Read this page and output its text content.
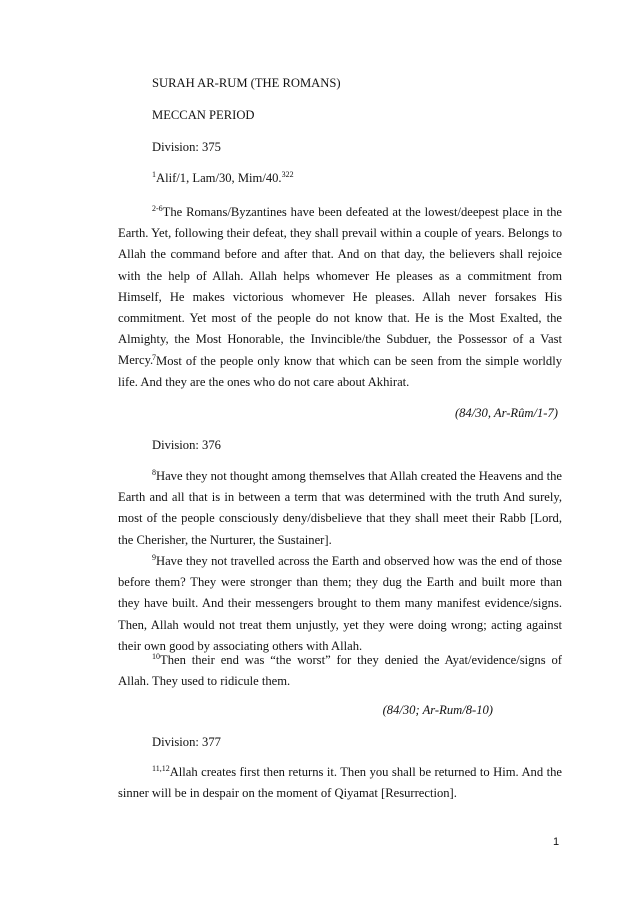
SURAH AR-RUM (THE ROMANS)
MECCAN PERIOD
Division: 375
$^1$Alif/1, Lam/30, Mim/40.$^{322}$
$^{2-6}$The Romans/Byzantines have been defeated at the lowest/deepest place in the Earth. Yet, following their defeat, they shall prevail within a couple of years. Belongs to Allah the command before and after that. And on that day, the believers shall rejoice with the help of Allah. Allah helps whomever He pleases as a commitment from Himself, He makes victorious whomever He pleases. Allah never forsakes His commitment. Yet most of the people do not know that. He is the Most Exalted, the Almighty, the Most Honorable, the Invincible/the Subduer, the Possessor of a Vast Mercy.
$^7$Most of the people only know that which can be seen from the simple worldly life. And they are the ones who do not care about Akhirat.
(84/30, Ar-Rûm/1-7)
Division: 376
$^8$Have they not thought among themselves that Allah created the Heavens and the Earth and all that is in between a term that was determined with the truth And surely, most of the people consciously deny/disbelieve that they shall meet their Rabb [Lord, the Cherisher, the Nurturer, the Sustainer].
$^9$Have they not travelled across the Earth and observed how was the end of those before them? They were stronger than them; they dug the Earth and built more than they have built. And their messengers brought to them many manifest evidence/signs. Then, Allah would not treat them unjustly, yet they were doing wrong; acting against their own good by associating others with Allah.
$^{10}$Then their end was “the worst” for they denied the Ayat/evidence/signs of Allah. They used to ridicule them.
(84/30; Ar-Rum/8-10)
Division: 377
$^{11,12}$Allah creates first then returns it. Then you shall be returned to Him. And the sinner will be in despair on the moment of Qiyamat [Resurrection].
1
